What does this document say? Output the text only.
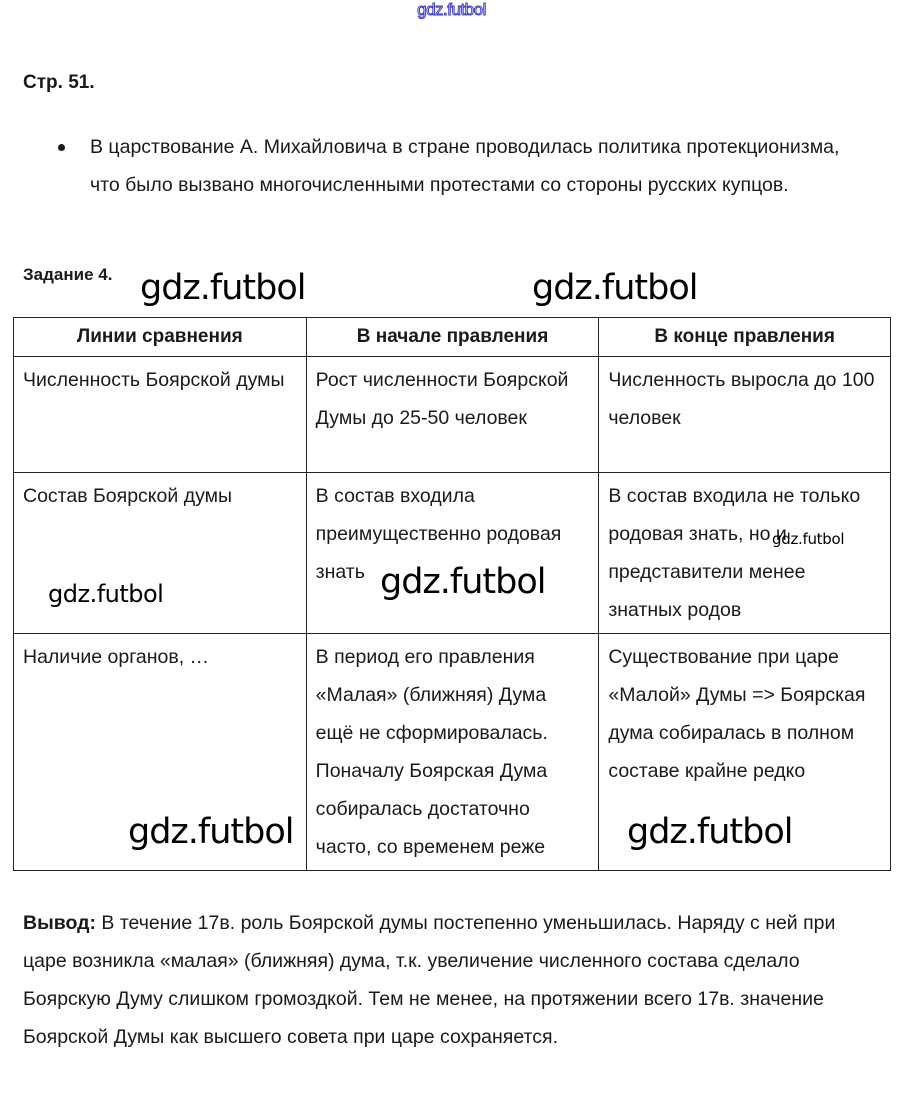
gdz.futbol
Стр. 51.
В царствование А. Михайловича в стране проводилась политика протекционизма, что было вызвано многочисленными протестами со стороны русских купцов.
Задание 4.
Линии сравнения	В начале правления	В конце правления
Численность Боярской думы	Рост численности Боярской Думы до 25-50 человек	Численность выросла до 100 человек
Состав Боярской думы	В состав входила преимущественно родовая знать	В состав входила не только родовая знать, но и представители менее знатных родов
Наличие органов, …	В период его правления «Малая» (ближняя) Дума ещё не сформировалась. Поначалу Боярская Дума собиралась достаточно часто, со временем реже	Существование при царе «Малой» Думы => Боярская дума собиралась в полном составе крайне редко
Вывод: В течение 17в. роль Боярской думы постепенно уменьшилась. Наряду с ней при царе возникла «малая» (ближняя) дума, т.к. увеличение численного состава сделало Боярскую Думу слишком громоздкой. Тем не менее, на протяжении всего 17в. значение Боярской Думы как высшего совета при царе сохраняется.
gdz.futbol	gdz.futbol
gdz.futbol	gdz.futbol
gdz.futbol
gdz.futbol	gdz.futbol
